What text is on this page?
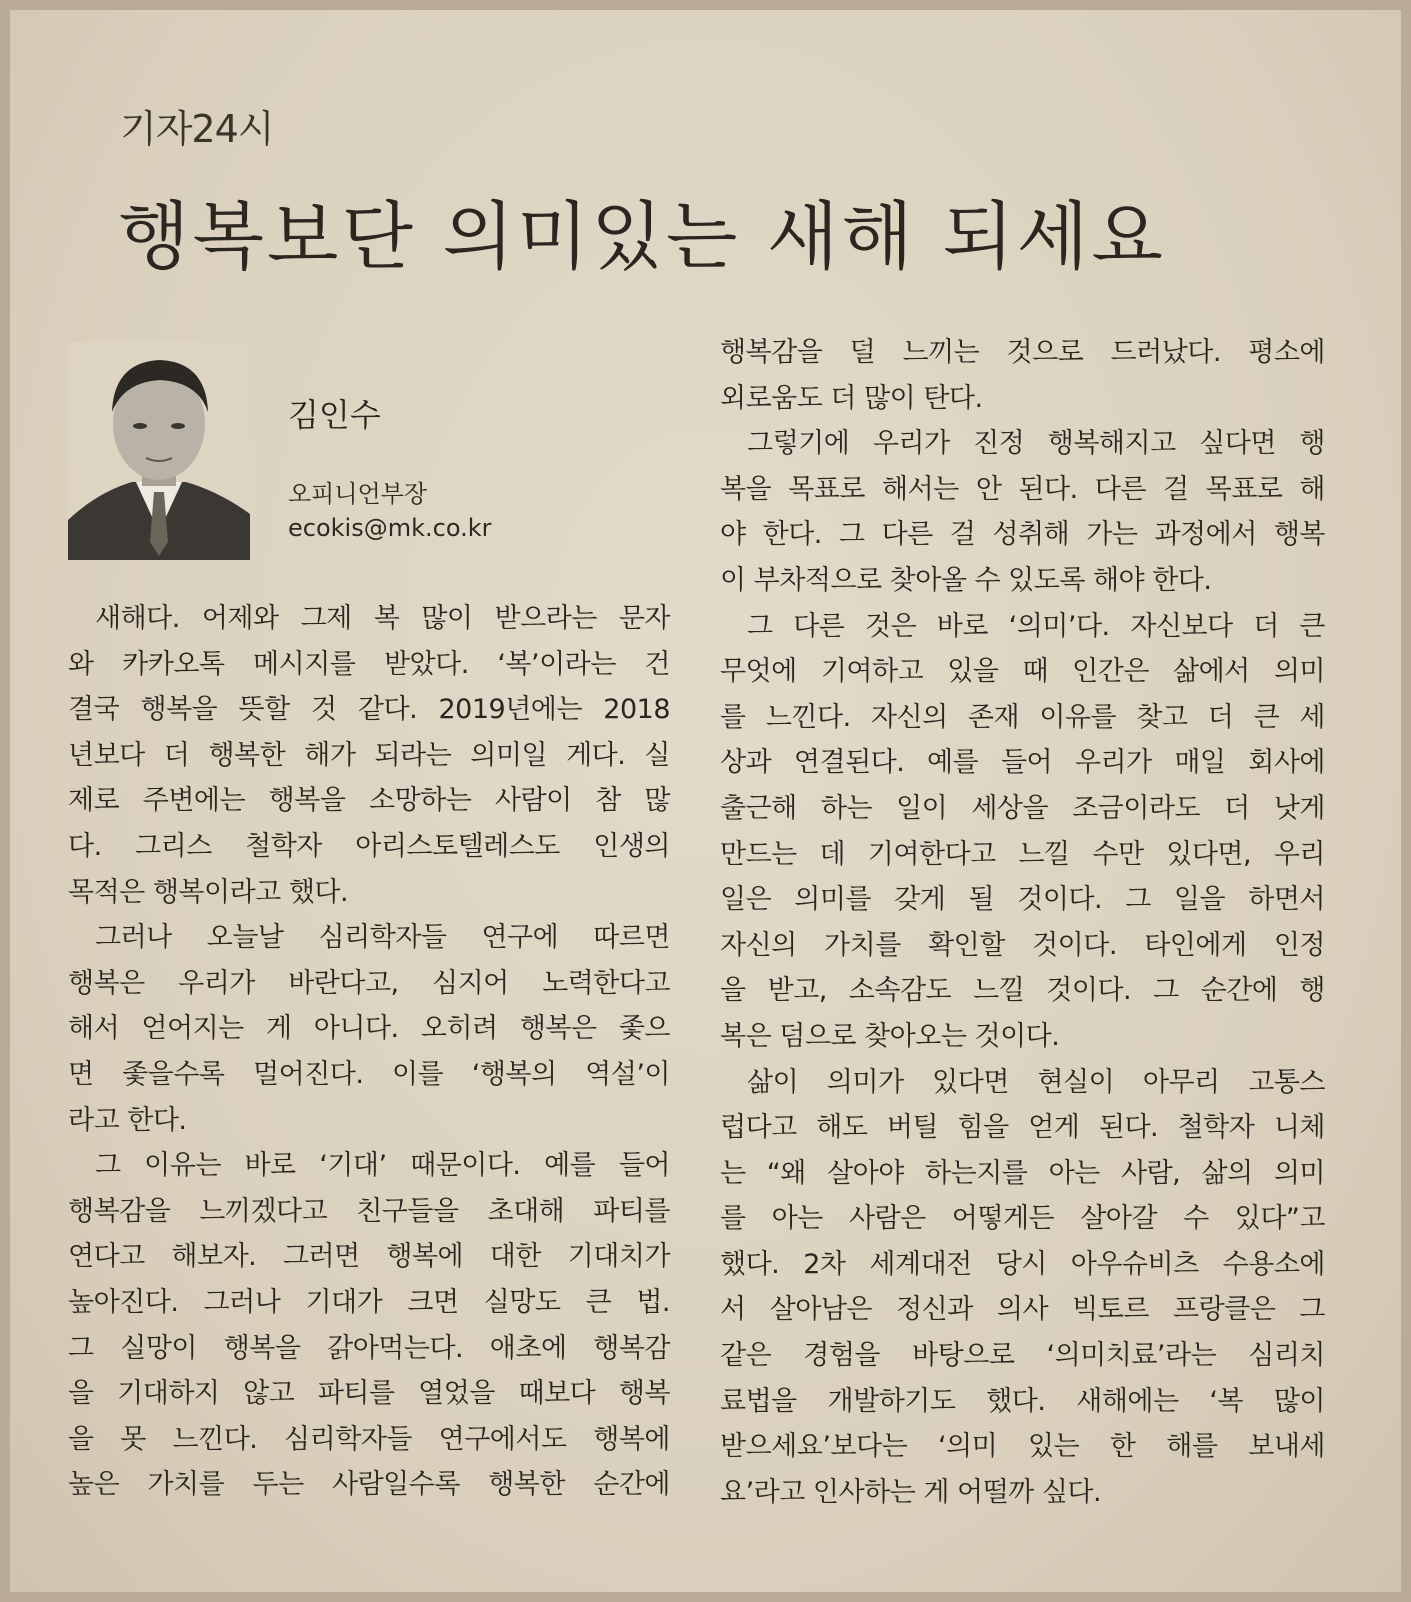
기자24시
행복보단 의미있는 새해 되세요
김인수
오피니언부장
ecokis@mk.co.kr
새해다. 어제와 그제 복 많이 받으라는 문자
와 카카오톡 메시지를 받았다. ‘복’이라는 건
결국 행복을 뜻할 것 같다. 2019년에는 2018
년보다 더 행복한 해가 되라는 의미일 게다. 실
제로 주변에는 행복을 소망하는 사람이 참 많
다. 그리스 철학자 아리스토텔레스도 인생의
목적은 행복이라고 했다.
그러나 오늘날 심리학자들 연구에 따르면
행복은 우리가 바란다고, 심지어 노력한다고
해서 얻어지는 게 아니다. 오히려 행복은 좇으
면 좇을수록 멀어진다. 이를 ‘행복의 역설’이
라고 한다.
그 이유는 바로 ‘기대’ 때문이다. 예를 들어
행복감을 느끼겠다고 친구들을 초대해 파티를
연다고 해보자. 그러면 행복에 대한 기대치가
높아진다. 그러나 기대가 크면 실망도 큰 법.
그 실망이 행복을 갉아먹는다. 애초에 행복감
을 기대하지 않고 파티를 열었을 때보다 행복
을 못 느낀다. 심리학자들 연구에서도 행복에
높은 가치를 두는 사람일수록 행복한 순간에
행복감을 덜 느끼는 것으로 드러났다. 평소에
외로움도 더 많이 탄다.
그렇기에 우리가 진정 행복해지고 싶다면 행
복을 목표로 해서는 안 된다. 다른 걸 목표로 해
야 한다. 그 다른 걸 성취해 가는 과정에서 행복
이 부차적으로 찾아올 수 있도록 해야 한다.
그 다른 것은 바로 ‘의미’다. 자신보다 더 큰
무엇에 기여하고 있을 때 인간은 삶에서 의미
를 느낀다. 자신의 존재 이유를 찾고 더 큰 세
상과 연결된다. 예를 들어 우리가 매일 회사에
출근해 하는 일이 세상을 조금이라도 더 낫게
만드는 데 기여한다고 느낄 수만 있다면, 우리
일은 의미를 갖게 될 것이다. 그 일을 하면서
자신의 가치를 확인할 것이다. 타인에게 인정
을 받고, 소속감도 느낄 것이다. 그 순간에 행
복은 덤으로 찾아오는 것이다.
삶이 의미가 있다면 현실이 아무리 고통스
럽다고 해도 버틸 힘을 얻게 된다. 철학자 니체
는 “왜 살아야 하는지를 아는 사람, 삶의 의미
를 아는 사람은 어떻게든 살아갈 수 있다”고
했다. 2차 세계대전 당시 아우슈비츠 수용소에
서 살아남은 정신과 의사 빅토르 프랑클은 그
같은 경험을 바탕으로 ‘의미치료’라는 심리치
료법을 개발하기도 했다. 새해에는 ‘복 많이
받으세요’보다는 ‘의미 있는 한 해를 보내세
요’라고 인사하는 게 어떨까 싶다.
